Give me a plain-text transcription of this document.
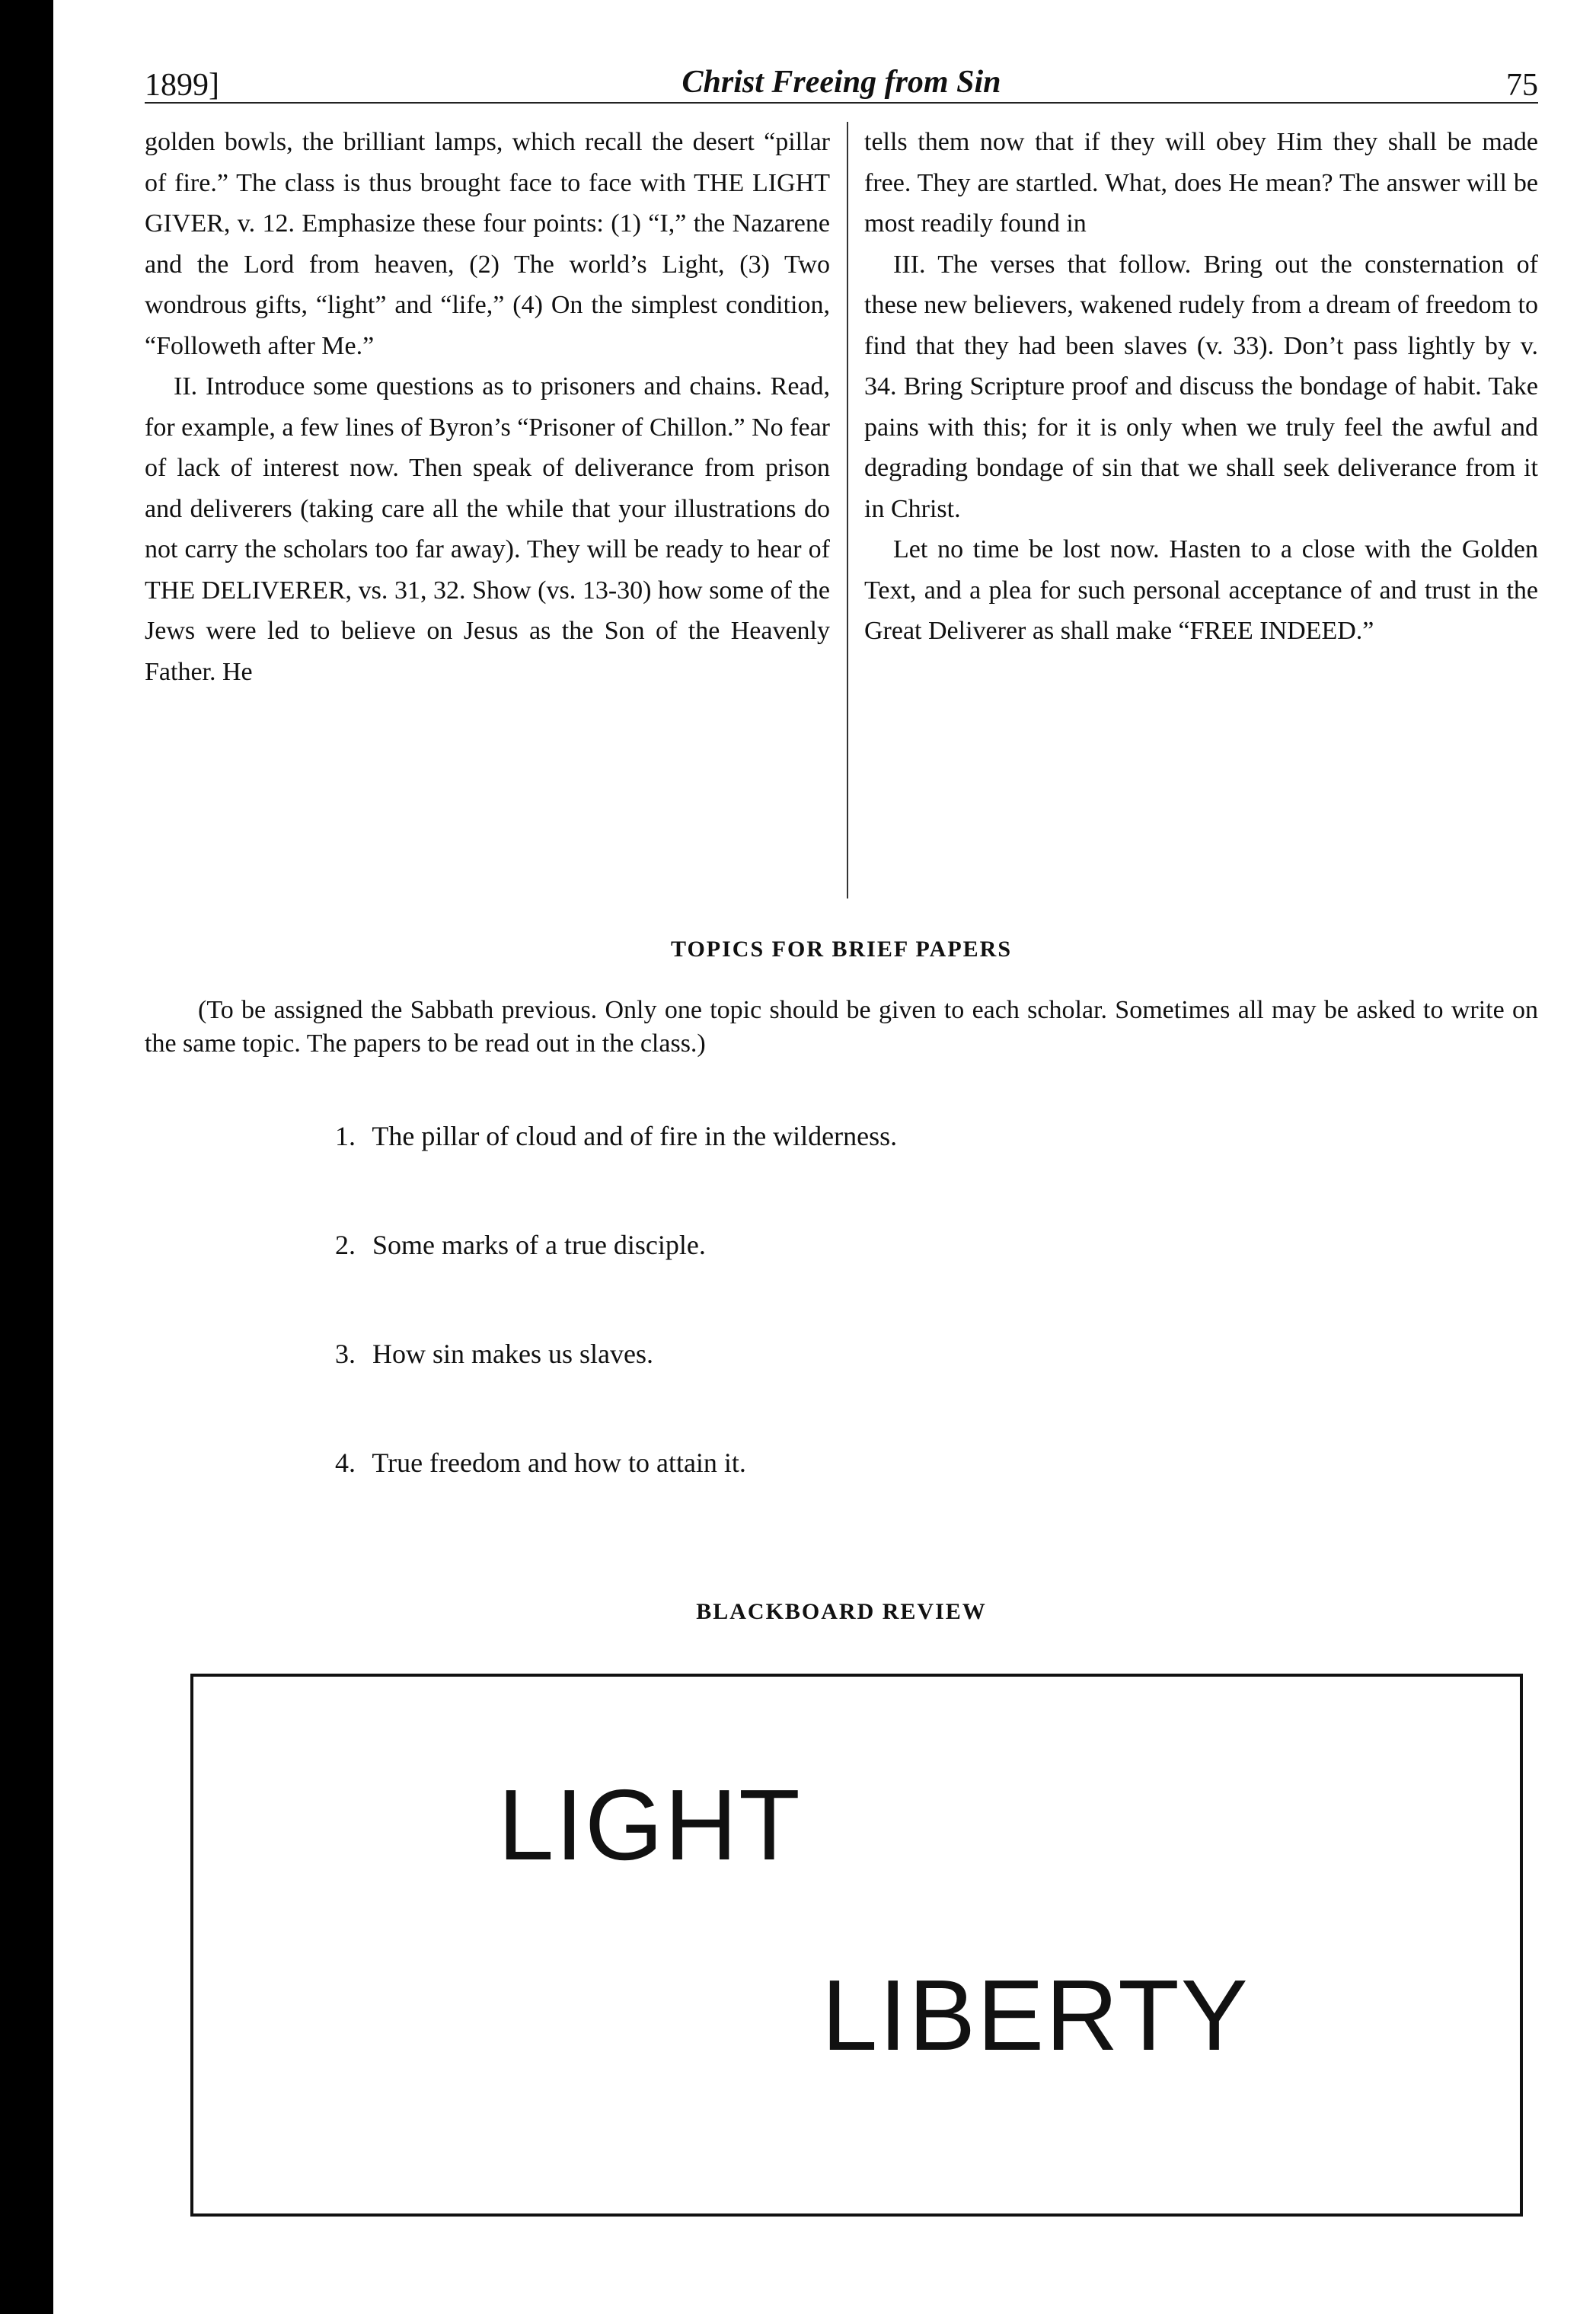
1899]	Christ Freeing from Sin	75

golden bowls, the brilliant lamps, which recall the desert “pillar of fire.” The class is thus brought face to face with THE LIGHT GIVER, v. 12. Emphasize these four points: (1) “I,” the Nazarene and the Lord from heaven, (2) The world’s Light, (3) Two wondrous gifts, “light” and “life,” (4) On the simplest condition, “Followeth after Me.”

II. Introduce some questions as to prisoners and chains. Read, for example, a few lines of Byron’s “Prisoner of Chillon.” No fear of lack of interest now. Then speak of deliverance from prison and deliverers (taking care all the while that your illustrations do not carry the scholars too far away). They will be ready to hear of THE DELIVERER, vs. 31, 32. Show (vs. 13-30) how some of the Jews were led to believe on Jesus as the Son of the Heavenly Father. He

tells them now that if they will obey Him they shall be made free. They are startled. What, does He mean? The answer will be most readily found in

III. The verses that follow. Bring out the consternation of these new believers, wakened rudely from a dream of freedom to find that they had been slaves (v. 33). Don’t pass lightly by v. 34. Bring Scripture proof and discuss the bondage of habit. Take pains with this; for it is only when we truly feel the awful and degrading bondage of sin that we shall seek deliverance from it in Christ.

Let no time be lost now. Hasten to a close with the Golden Text, and a plea for such personal acceptance of and trust in the Great Deliverer as shall make “FREE INDEED.”

TOPICS FOR BRIEF PAPERS
(To be assigned the Sabbath previous. Only one topic should be given to each scholar. Sometimes all may be asked to write on the same topic. The papers to be read out in the class.)
1. The pillar of cloud and of fire in the wilderness.
2. Some marks of a true disciple.
3. How sin makes us slaves.
4. True freedom and how to attain it.
BLACKBOARD REVIEW
LIGHT
LIBERTY
